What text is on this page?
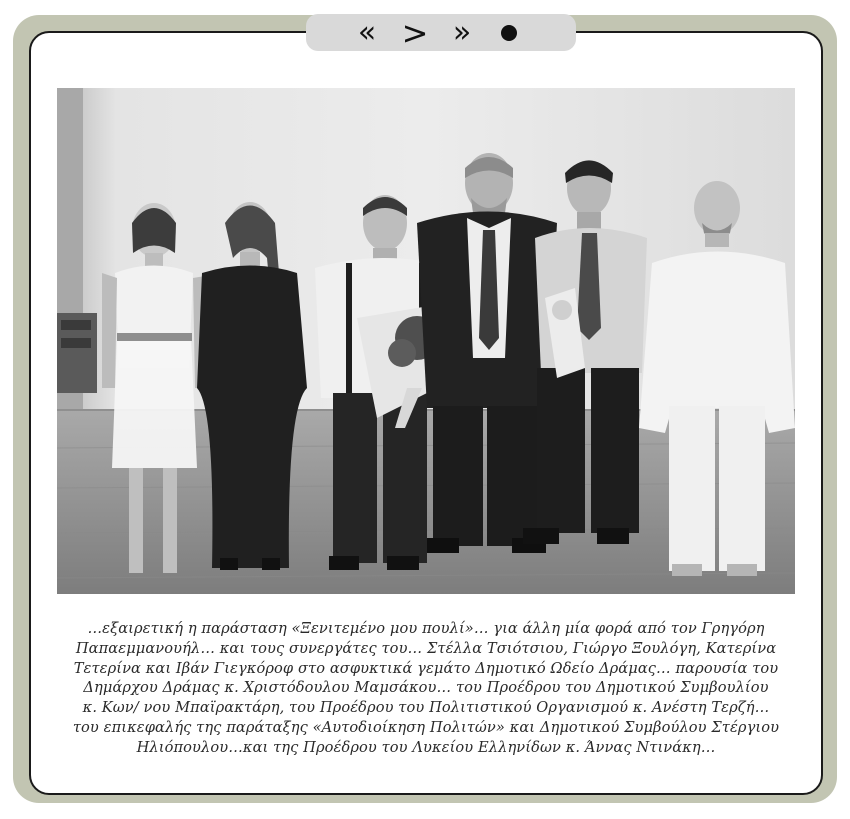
« > »
…εξαιρετική η παράσταση «Ξενιτεμένο μου πουλί»… για άλλη μία φορά από τον Γρηγόρη
Παπαεμμανουήλ… και τους συνεργάτες του… Στέλλα Τσιότσιου, Γιώργο Ξουλόγη, Κατερίνα
Τετερίνα και Ιβάν Γιεγκόροφ στο ασφυκτικά γεμάτο Δημοτικό Ωδείο Δράμας… παρουσία του
Δημάρχου Δράμας κ. Χριστόδουλου Μαμσάκου… του Προέδρου του Δημοτικού Συμβουλίου
κ. Κων/ νου Μπαϊρακτάρη, του Προέδρου του Πολιτιστικού Οργανισμού κ. Ανέστη Τερζή…
του επικεφαλής της παράταξης «Αυτοδιοίκηση Πολιτών» και Δημοτικού Συμβούλου Στέργιου
Ηλιόπουλου…και της Προέδρου του Λυκείου Ελληνίδων κ. Άννας Ντινάκη…
